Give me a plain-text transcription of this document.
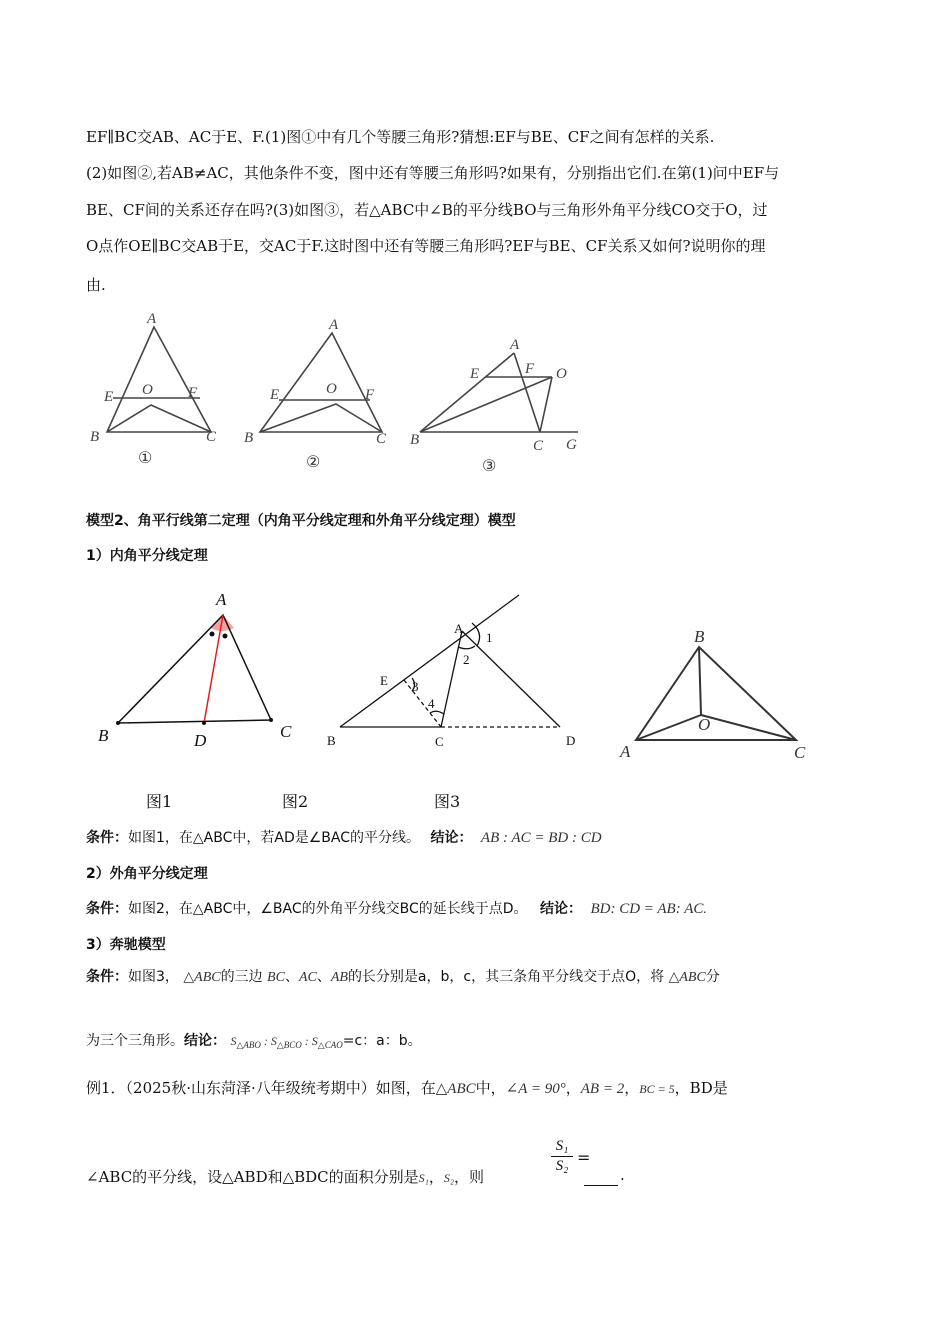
EF∥BC交AB、AC于E、F.(1)图①中有几个等腰三角形?猜想:EF与BE、CF之间有怎样的关系.
(2)如图②,若AB≠AC，其他条件不变，图中还有等腰三角形吗?如果有，分别指出它们.在第(1)问中EF与
BE、CF间的关系还存在吗?(3)如图③，若△ABC中∠B的平分线BO与三角形外角平分线CO交于O，过
O点作OE∥BC交AB于E，交AC于F.这时图中还有等腰三角形吗?EF与BE、CF关系又如何?说明你的理
由.
A
E O F
B	C
A
E	O F
B	C
A
E	F O
B	C G
①	②	③
模型2、角平行线第二定理（内角平分线定理和外角平分线定理）模型
1）内角平分线定理
A
B	C
D
A
E
B	C	D
1
2
3
4
B
O
A	C
图1	图2	图3
条件：如图1，在△ABC中，若AD是∠BAC的平分线。 结论： AB : AC = BD : CD
2）外角平分线定理
条件：如图2，在△ABC中，∠BAC的外角平分线交BC的延长线于点D。 结论： BD: CD = AB: AC.
3）奔驰模型
条件：如图3， △ABC的三边 BC、AC、AB的长分别是a，b，c，其三条角平分线交于点O，将 △ABC分
为三个三角形。结论： $S_{\triangle ABO}$ : $S_{\triangle BCO}$ : $S_{\triangle CAO}=c$：a：b。
例1．（2025秋·山东菏泽·八年级统考期中）如图，在△ABC中，∠A = 90°，AB = 2，BC = 5，BD是
∠ABC的平分线，设△ABD和△BDC的面积分别是S₁，S₂，则
S₁
S₂ =
.
